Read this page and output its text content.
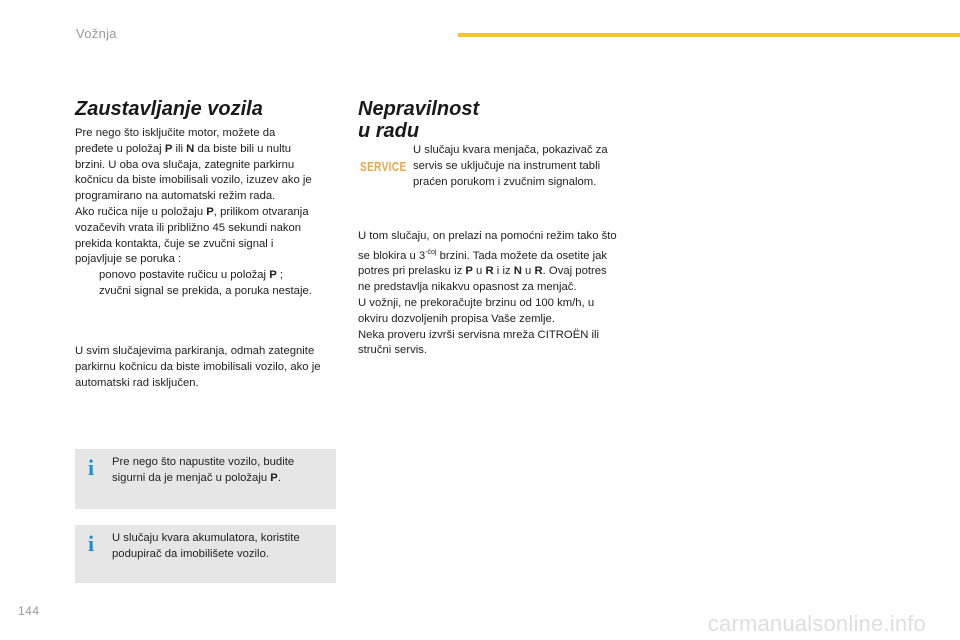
Vožnja
Zaustavljanje vozila
Pre nego što isključite motor, možete da
pređete u položaj P ili N da biste bili u nultu
brzini. U oba ova slučaja, zategnite parkirnu
kočnicu da biste imobilisali vozilo, izuzev ako je
programirano na automatski režim rada.
Ako ručica nije u položaju P, prilikom otvaranja
vozačevih vrata ili približno 45 sekundi nakon
prekida kontakta, čuje se zvučni signal i
pojavljuje se poruka :
ponovo postavite ručicu u položaj P ;
zvučni signal se prekida, a poruka nestaje.
U svim slučajevima parkiranja, odmah zategnite parkirnu kočnicu da biste imobilisali vozilo, ako je automatski rad isključen.
i Pre nego što napustite vozilo, budite sigurni da je menjač u položaju P.
i U slučaju kvara akumulatora, koristite podupirač da imobilišete vozilo.
Nepravilnost
u radu
SERVICE
U slučaju kvara menjača, pokazivač za servis se uključuje na instrument tabli praćen porukom i zvučnim signalom.
U tom slučaju, on prelazi na pomoćni režim tako što se blokira u $3^{-ćoj}$ brzini. Tada možete da osetite jak potres pri prelasku iz P u R i iz N u R. Ovaj potres ne predstavlja nikakvu opasnost za menjač.
U vožnji, ne prekoračujte brzinu od 100 km/h, u okviru dozvoljenih propisa Vaše zemlje.
Neka proveru izvrši servisna mreža CITROËN ili stručni servis.
144	carmanualsonline.info
